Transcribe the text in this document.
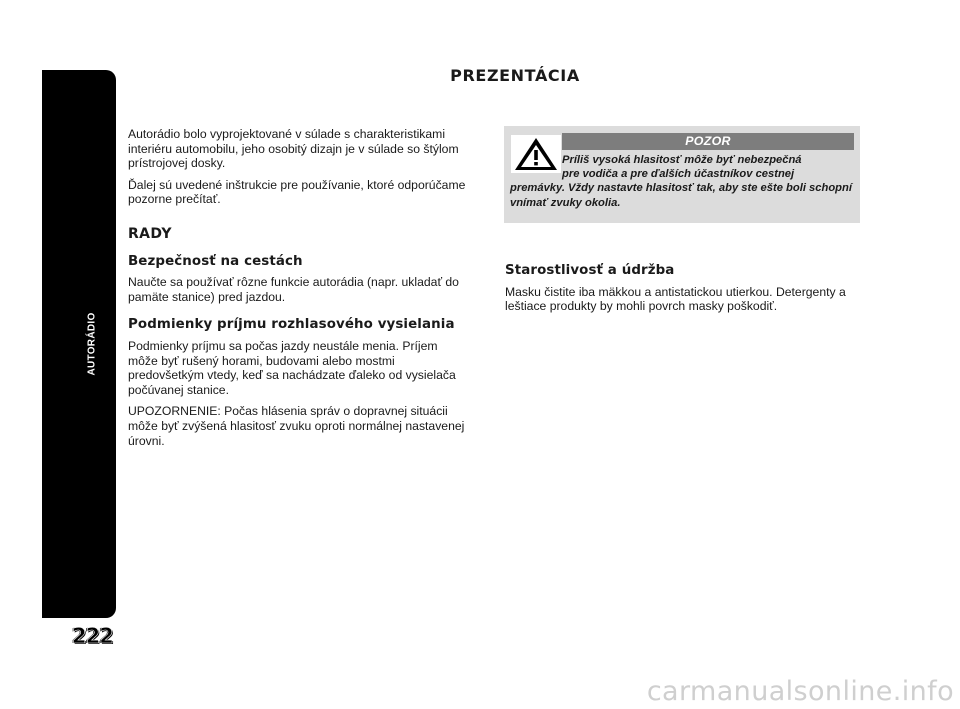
AUTORÁDIO
222
PREZENTÁCIA

Autorádio bolo vyprojektované v súlade s charakteristikami interiéru automobilu, jeho osobitý dizajn je v súlade so štýlom prístrojovej dosky.

Ďalej sú uvedené inštrukcie pre používanie, ktoré odporúčame pozorne prečítať.

RADY
Bezpečnosť na cestách

Naučte sa používať rôzne funkcie autorádia (napr. ukladať do pamäte stanice) pred jazdou.

Podmienky príjmu rozhlasového vysielania

Podmienky príjmu sa počas jazdy neustále menia. Príjem môže byť rušený horami, budovami alebo mostmi predovšetkým vtedy, keď sa nachádzate ďaleko od vysielača počúvanej stanice.

UPOZORNENIE: Počas hlásenia správ o dopravnej situácii môže byť zvýšená hlasitosť zvuku oproti normálnej nastavenej úrovni.

POZOR
Príliš vysoká hlasitosť môže byť nebezpečná
pre vodiča a pre ďalších účastníkov cestnej
premávky. Vždy nastavte hlasitosť tak, aby ste ešte boli schopní vnímať zvuky okolia.
Starostlivosť a údržba

Masku čistite iba mäkkou a antistatickou utierkou. Detergenty a leštiace produkty by mohli povrch masky poškodiť.

carmanualsonline.info
